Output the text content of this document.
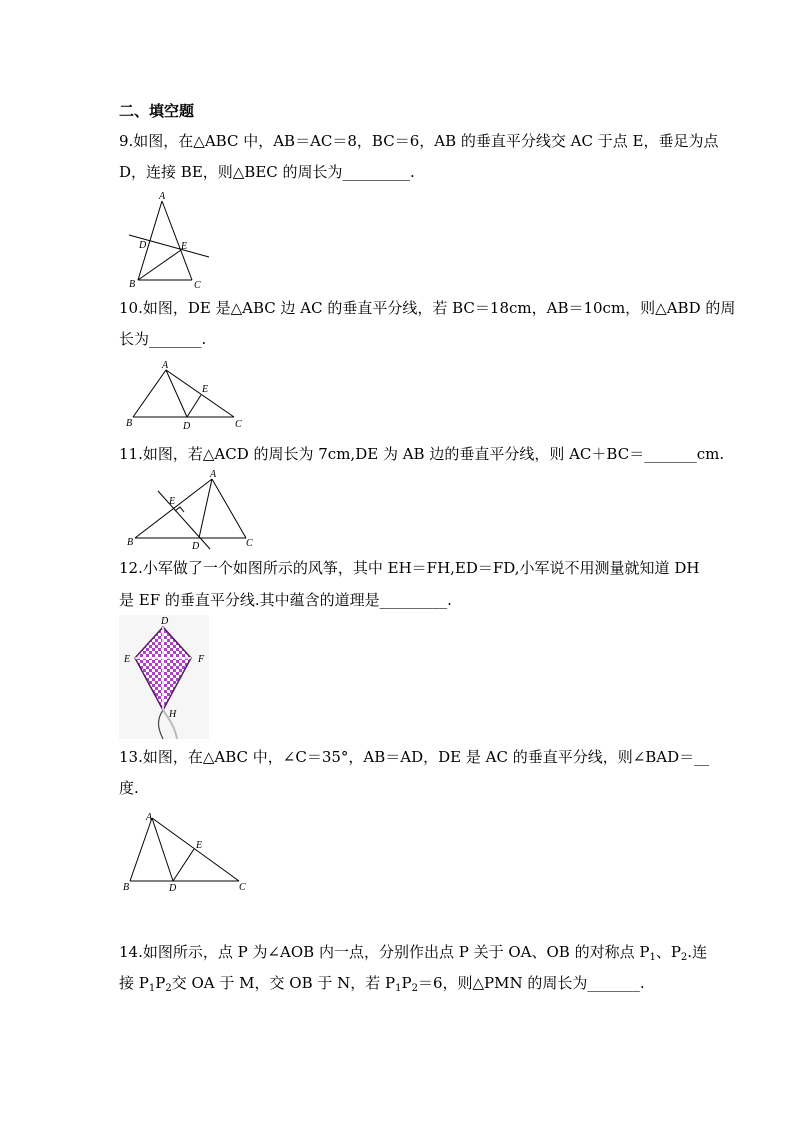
二、填空题
9.如图，在△ABC 中，AB＝AC＝8，BC＝6，AB 的垂直平分线交 AC 于点 E，垂足为点
D，连接 BE，则△BEC 的周长为_________.
A
D	E
B	C
10.如图，DE 是△ABC 边 AC 的垂直平分线，若 BC＝18cm，AB＝10cm，则△ABD 的周
长为_______.
A
E
B	D	C
11.如图，若△ACD 的周长为 7cm,DE 为 AB 边的垂直平分线，则 AC＋BC＝_______cm.
A
E
B	D	C
12.小军做了一个如图所示的风筝，其中 EH＝FH,ED＝FD,小军说不用测量就知道 DH
是 EF 的垂直平分线.其中蕴含的道理是_________.
D
E	F
H
13.如图，在△ABC 中，∠C＝35°，AB＝AD，DE 是 AC 的垂直平分线，则∠BAD＝__
度.
A
E
B	D	C
14.如图所示，点 P 为∠AOB 内一点，分别作出点 P 关于 OA、OB 的对称点 $P_1$、$P_2$.连
接 $P_1P_2$交 OA 于 M，交 OB 于 N，若 $P_1P_2=6$，则△PMN 的周长为_______.
